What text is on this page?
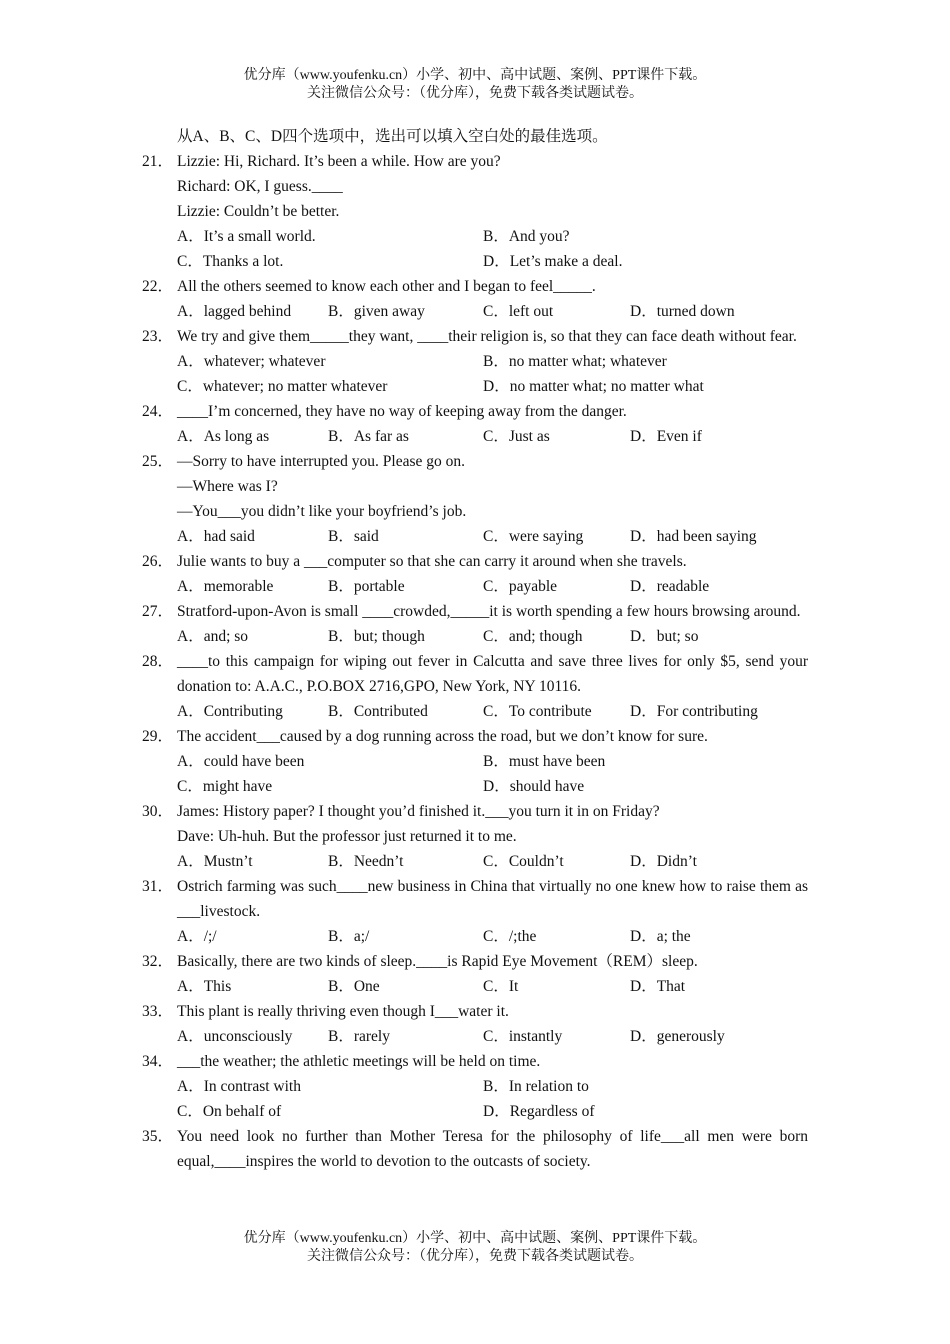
优分库（www.youfenku.cn）小学、初中、高中试题、案例、PPT课件下载。
关注微信公众号：（优分库），免费下载各类试题试卷。
从A、B、C、D四个选项中，选出可以填入空白处的最佳选项。
21． Lizzie: Hi, Richard. It’s been a while. How are you?
Richard: OK, I guess.____
Lizzie: Couldn’t be better.
A．It’s a small world.	B．And you?
C．Thanks a lot.	D．Let’s make a deal.
22． All the others seemed to know each other and I began to feel_____.
A．lagged behind	B．given away	C．left out	D．turned down
23． We try and give them_____they want, ____their religion is, so that they can face death without fear.
A．whatever; whatever	B．no matter what; whatever
C．whatever; no matter whatever	D．no matter what; no matter what
24． ____I’m concerned, they have no way of keeping away from the danger.
A．As long as	B．As far as	C．Just as	D．Even if
25． —Sorry to have interrupted you. Please go on.
—Where was I?
—You___you didn’t like your boyfriend’s job.
A．had said	B．said	C．were saying	D．had been saying
26． Julie wants to buy a ___computer so that she can carry it around when she travels.
A．memorable	B．portable	C．payable	D．readable
27． Stratford-upon-Avon is small ____crowded,_____it is worth spending a few hours browsing around.
A．and; so	B．but; though	C．and; though	D．but; so
28． ____to this campaign for wiping out fever in Calcutta and save three lives for only $5, send your donation to: A.A.C., P.O.BOX 2716,GPO, New York, NY 10116.
A．Contributing	B．Contributed	C．To contribute	D．For contributing
29． The accident___caused by a dog running across the road, but we don’t know for sure.
A．could have been	B．must have been
C．might have	D．should have
30． James: History paper? I thought you’d finished it.___you turn it in on Friday?
Dave: Uh-huh. But the professor just returned it to me.
A．Mustn’t	B．Needn’t	C．Couldn’t	D．Didn’t
31． Ostrich farming was such____new business in China that virtually no one knew how to raise them as ___livestock.
A．/;/	B．a;/	C．/;the	D．a; the
32． Basically, there are two kinds of sleep.____is Rapid Eye Movement（REM）sleep.
A．This	B．One	C．It	D．That
33． This plant is really thriving even though I___water it.
A．unconsciously	B．rarely	C．instantly	D．generously
34． ___the weather; the athletic meetings will be held on time.
A．In contrast with	B．In relation to
C．On behalf of	D．Regardless of
35． You need look no further than Mother Teresa for the philosophy of life___all men were born equal,____inspires the world to devotion to the outcasts of society.
优分库（www.youfenku.cn）小学、初中、高中试题、案例、PPT课件下载。
关注微信公众号：（优分库），免费下载各类试题试卷。
